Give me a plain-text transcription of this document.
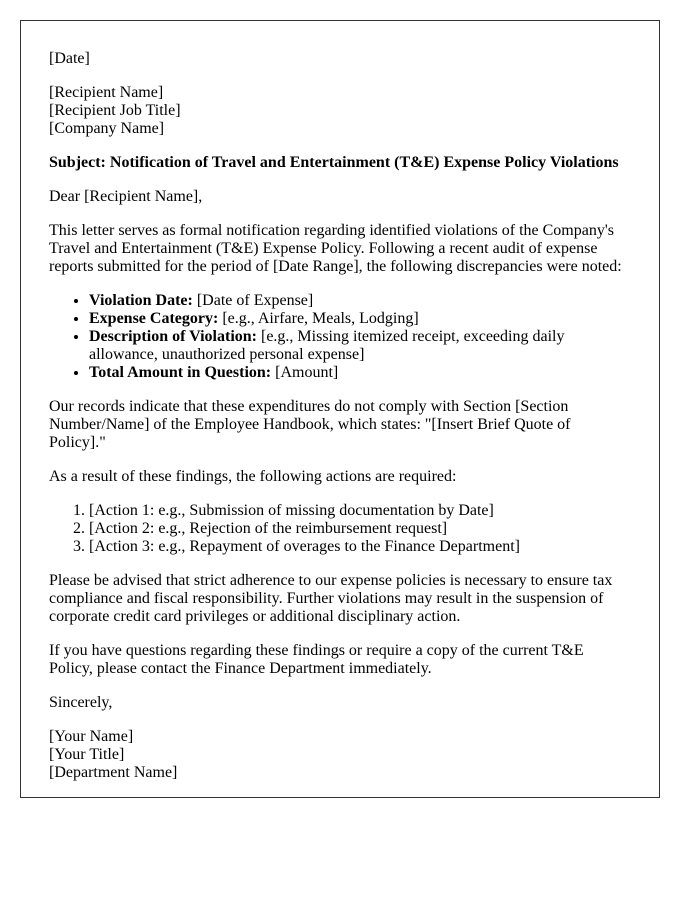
[Date]

[Recipient Name]
[Recipient Job Title]
[Company Name]

Subject: Notification of Travel and Entertainment (T&E) Expense Policy Violations

Dear [Recipient Name],

This letter serves as formal notification regarding identified violations of the Company's Travel and Entertainment (T&E) Expense Policy. Following a recent audit of expense reports submitted for the period of [Date Range], the following discrepancies were noted:

• Violation Date: [Date of Expense]
• Expense Category: [e.g., Airfare, Meals, Lodging]
• Description of Violation: [e.g., Missing itemized receipt, exceeding daily allowance, unauthorized personal expense]
• Total Amount in Question: [Amount]

Our records indicate that these expenditures do not comply with Section [Section Number/Name] of the Employee Handbook, which states: "[Insert Brief Quote of Policy]."

As a result of these findings, the following actions are required:

1. [Action 1: e.g., Submission of missing documentation by Date]
2. [Action 2: e.g., Rejection of the reimbursement request]
3. [Action 3: e.g., Repayment of overages to the Finance Department]

Please be advised that strict adherence to our expense policies is necessary to ensure tax compliance and fiscal responsibility. Further violations may result in the suspension of corporate credit card privileges or additional disciplinary action.

If you have questions regarding these findings or require a copy of the current T&E Policy, please contact the Finance Department immediately.

Sincerely,

[Your Name]
[Your Title]
[Department Name]
